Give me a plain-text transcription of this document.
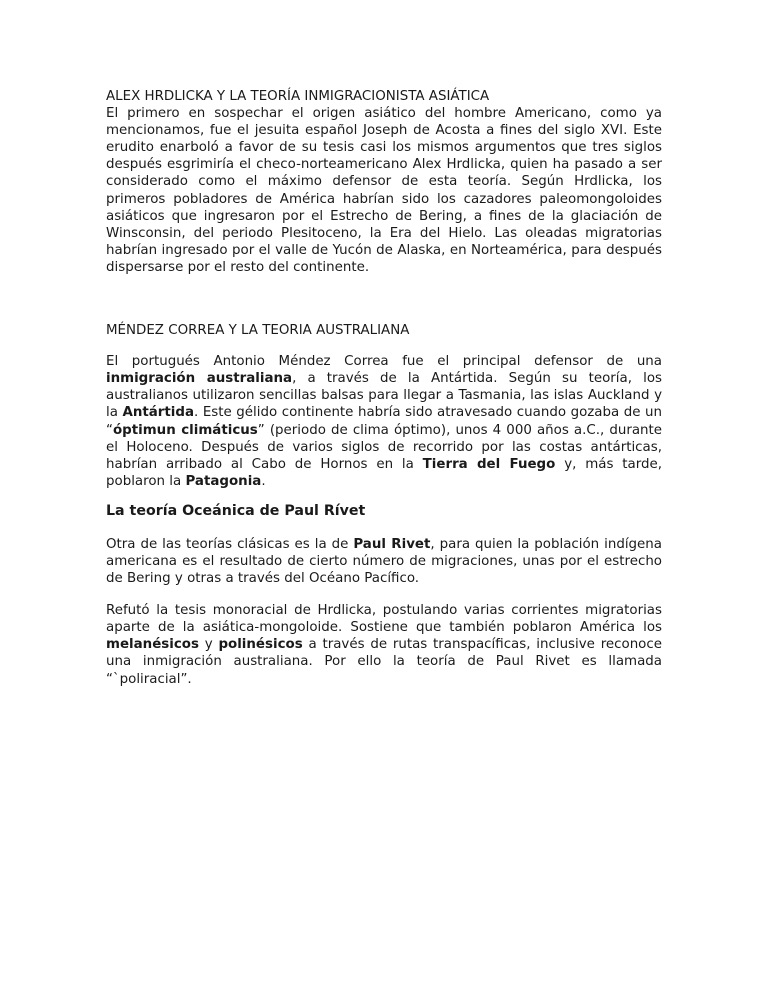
ALEX HRDLICKA Y LA TEORÍA INMIGRACIONISTA ASIÁTICA

El primero en sospechar el origen asiático del hombre Americano, como ya mencionamos, fue el jesuita español Joseph de Acosta a fines del siglo XVI. Este erudito enarboló a favor de su tesis casi los mismos argumentos que tres siglos después esgrimiría el checo-norteamericano Alex Hrdlicka, quien ha pasado a ser considerado como el máximo defensor de esta teoría. Según Hrdlicka, los primeros pobladores de América habrían sido los cazadores paleomongoloides asiáticos que ingresaron por el Estrecho de Bering, a fines de la glaciación de Winsconsin, del periodo Plesitoceno, la Era del Hielo. Las oleadas migratorias habrían ingresado por el valle de Yucón de Alaska, en Norteamérica, para después dispersarse por el resto del continente.

MÉNDEZ CORREA Y LA TEORIA AUSTRALIANA

El portugués Antonio Méndez Correa fue el principal defensor de una inmigración australiana, a través de la Antártida. Según su teoría, los australianos utilizaron sencillas balsas para llegar a Tasmania, las islas Auckland y la Antártida. Este gélido continente habría sido atravesado cuando gozaba de un “óptimun climáticus” (periodo de clima óptimo), unos 4 000 años a.C., durante el Holoceno. Después de varios siglos de recorrido por las costas antárticas, habrían arribado al Cabo de Hornos en la Tierra del Fuego y, más tarde, poblaron la Patagonia.

La teoría Oceánica de Paul Rívet

Otra de las teorías clásicas es la de Paul Rivet, para quien la población indígena americana es el resultado de cierto número de migraciones, unas por el estrecho de Bering y otras a través del Océano Pacífico.

Refutó la tesis monoracial de Hrdlicka, postulando varias corrientes migratorias aparte de la asiática-mongoloide. Sostiene que también poblaron América los melanésicos y polinésicos a través de rutas transpacíficas, inclusive reconoce una inmigración australiana. Por ello la teoría de Paul Rivet es llamada “`poliracial”.
